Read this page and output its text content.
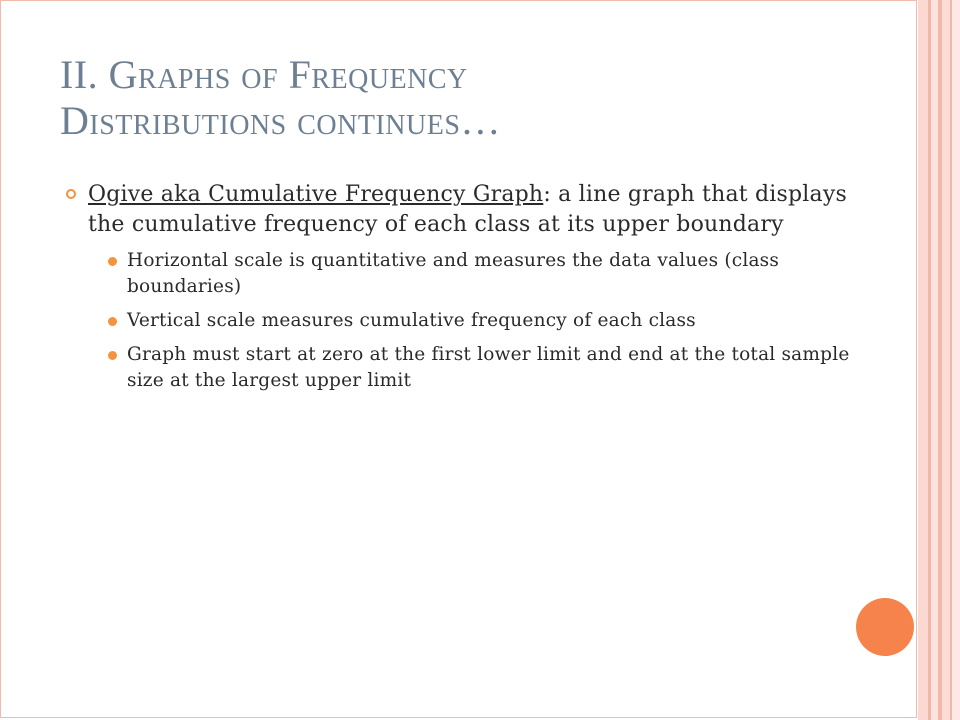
II. Graphs of Frequency
Distributions continues…
Ogive aka Cumulative Frequency Graph: a line graph that displays the cumulative frequency of each class at its upper boundary
Horizontal scale is quantitative and measures the data values (class boundaries)
Vertical scale measures cumulative frequency of each class
Graph must start at zero at the first lower limit and end at the total sample size at the largest upper limit
